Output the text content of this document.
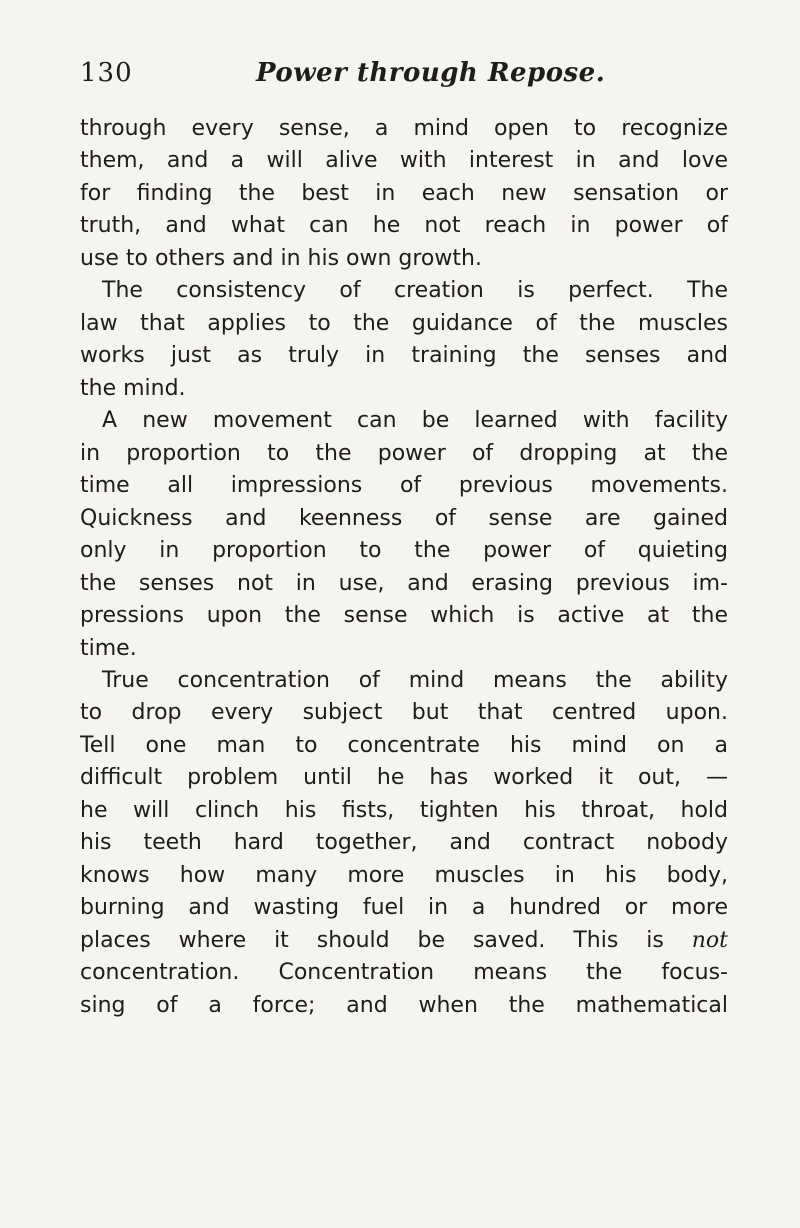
130	Power through Repose.
through every sense, a mind open to recognize
them, and a will alive with interest in and love
for finding the best in each new sensation or
truth, and what can he not reach in power of
use to others and in his own growth.
The consistency of creation is perfect. The
law that applies to the guidance of the muscles
works just as truly in training the senses and
the mind.
A new movement can be learned with facility
in proportion to the power of dropping at the
time all impressions of previous movements.
Quickness and keenness of sense are gained
only in proportion to the power of quieting
the senses not in use, and erasing previous im-
pressions upon the sense which is active at the
time.
True concentration of mind means the ability
to drop every subject but that centred upon.
Tell one man to concentrate his mind on a
difficult problem until he has worked it out, —
he will clinch his fists, tighten his throat, hold
his teeth hard together, and contract nobody
knows how many more muscles in his body,
burning and wasting fuel in a hundred or more
places where it should be saved. This is not
concentration. Concentration means the focus-
sing of a force; and when the mathematical
